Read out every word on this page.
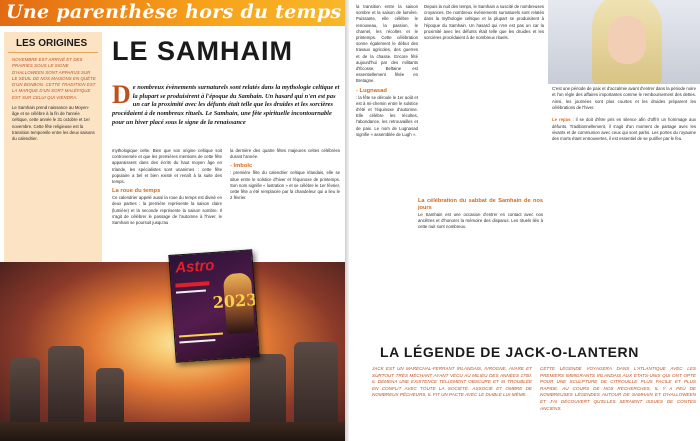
Une parenthèse hors du temps
LES ORIGINES
NOVEMBRE EST ARRIVÉ ET DES PRAIRIES SOUS LE SIGNE D'HALLOWEEN SONT APPARUS SUR LE SEUIL DE NOS MAISONS EN QUÊTE D'UN BONBON. CETTE TRADITION EST LA MARQUE D'UN SORT MALÉFIQUE EST SUR CELUI QUI VIENDRA.
Le Samhain prend naissance au Moyen-âge et se célèbre à la fin de l'année celtique, cette année le 31 octobre et 1er novembre. Cette fête religieuse est la transition temporelle entre les deux saisons du calendrier.
LE SAMHAIM
D e nombreux évènements surnaturels sont relatés dans la mythologie celtique et la plupart se produisirent à l'époque du Samhain. Un hasard qui n'en est pas un car la proximité avec les défunts était telle que les druides et les sorcières procédaient à de nombreux rituels. Le Samhain, une fête spirituelle incontournable pour un hiver placé sous le signe de la renaissance
mythologique celte. Bien que son origine celtique soit controversée et que les premières mentions de cette fête apparaissent dans des écrits du haut moyen âge en Irlande, les spécialistes sont unanimes : cette fête populaire a bel et bien existé et renaît à la suite des temps.
La roue du temps
Ce calendrier appelé aussi la roue du temps est divisé en deux parties : la première représente la saison claire (lumière) et la seconde représente la saison sombre. Il s'agit de célébrer le passage de l'automne à l'hiver, le Samhain se poursuit jusqu'au
la dernière des quatre fêtes majeures celtes célébrées durant l'année.
- Imbolc
: première fête du calendrier celtique irlandais, elle se situe entre le solstice d'hiver et l'équinoxe de printemps. Son nom signifie « lustration » et se célèbre le 1er février, cette fête a été remplacée par la chandeleur qui a lieu le 2 février.
Astro
2023
la transition entre la saison sombre et la saison de lumière. Puissante, elle célèbre le renouveau, la passion, le charnel, les récoltes et le printemps. Cette célébration sonne également le début des travaux agricoles, des guerres et de la chasse. Encore fêté aujourd'hui par des militants d'Écosse, Beltaine est essentiellement fêtée en Bretagne.
- Lugnasad
: la fête se déroule le 1er août et est à mi-chemin entre le solstice d'été et l'équinoxe d'automne. Elle célèbre les récoltes, l'abondance, les retrouvailles et de paix. Le nom de Lugnasad signifie « assemblée de Lugh ».
Depuis la nuit des temps, le Samhain a suscité de nombreuses croyances. De nombreux événements surnaturels sont relatés dans la mythologie celtique et la plupart se produisirent à l'époque du Samhain. Un hasard qui n'en est pas un car la proximité avec les défunts était telle que les druides et les sorcières procédaient à de nombreux rituels.
La célébration du sabbat de Samhain de nos jours
Le Samhain est une occasion d'entrer en contact avec nos ancêtres et d'honorer la mémoire des disparus. Les rituels liés à cette nuit sont nombreux.
C'est une période de paix et d'accalmie avant d'entrer dans la période noire et l'on règle des affaires importantes comme le remboursement des dettes. Ainsi, les journées sont plus courtes et les druides préparent les célébrations de l'hiver.

Le repas : il se doit d'être pris en silence afin d'offrir un hommage aux défunts. Traditionnellement, il s'agit d'un moment de partage avec les vivants et de communion avec ceux qui sont partis. Les portes du royaume des morts étant entrouvertes, il est essentiel de se purifier par le feu.
LA LÉGENDE DE JACK-O-LANTERN
JACK EST UN MARÉCHAL-FERRANT IRLANDAIS, IVROGNE, AVARE ET SURTOUT TRÈS MÉCHANT AYANT VÉCU AU MILIEU DES ANNÉES 1700. IL DÉMENA UNE EXISTENCE TELLEMENT OBSCURE ET SI TROUBLÉE EN CONFLIT AVEC TOUTE LA SOCIÉTÉ. ASSOCIÉ ET OMBRE DE NOMBREUX PÊCHEURS, IL FIT UN PACTE AVEC LE DIABLE LUI-MÊME.
CETTE LÉGENDE VOYAGERA DANS L'ATLANTIQUE AVEC LES PREMIERS IMMIGRANTS IRLANDAIS AUX ÉTATS-UNIS QUI ONT OPTÉ POUR UNE SCULPTURE DE CITROUILLE PLUS FACILE ET PLUS RAPIDE. AU COURS DE NOS RECHERCHES, IL Y A PEU DE NOMBREUSES LÉGENDES AUTOUR DE SAMHAIN ET D'HALLOWEEN ET J'AI DÉCOUVERT QU'ELLES SERAIENT ISSUES DE CONTES ANCIENS.
